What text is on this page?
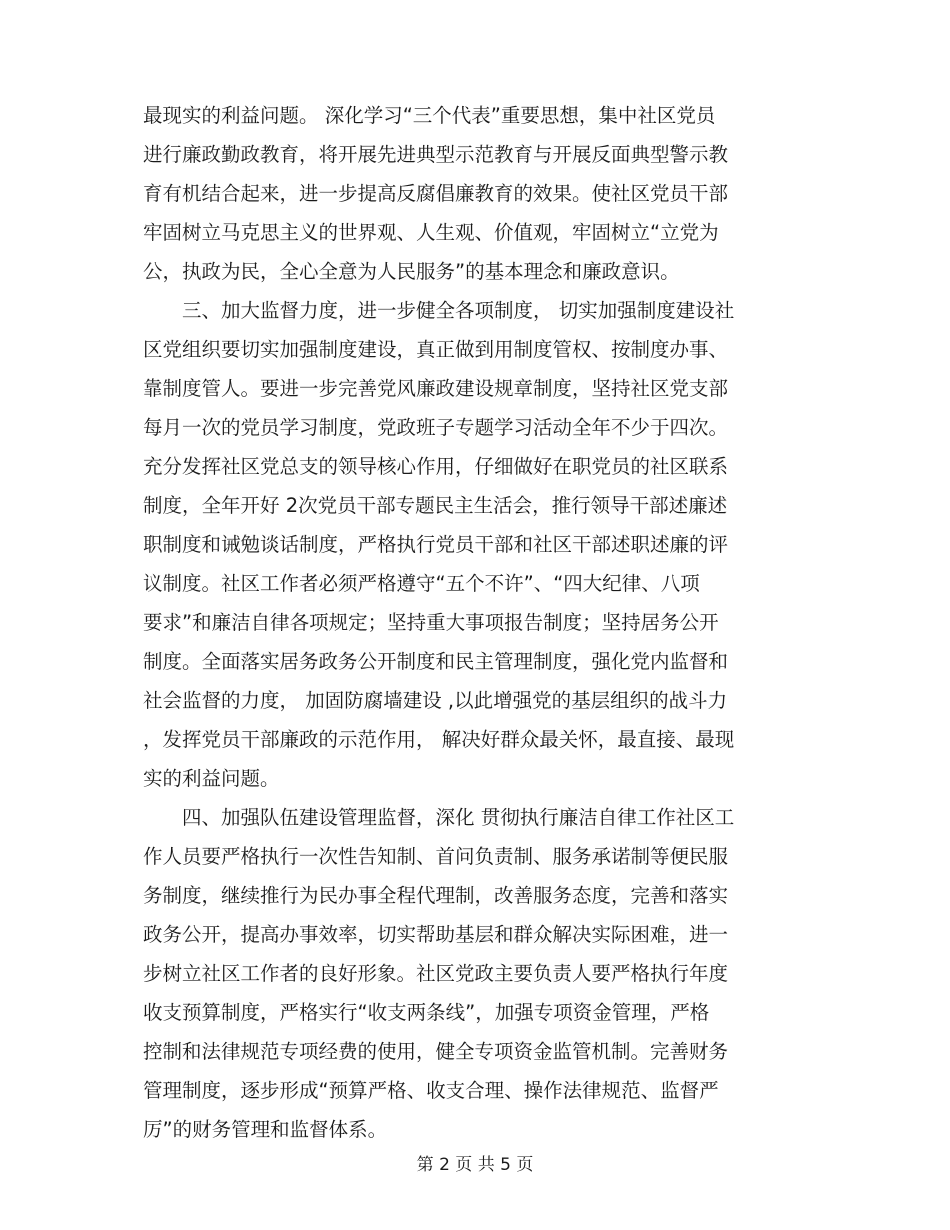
最现实的利益问题。 深化学习“三个代表”重要思想，集中社区党员
进行廉政勤政教育，将开展先进典型示范教育与开展反面典型警示教
育有机结合起来，进一步提高反腐倡廉教育的效果。使社区党员干部
牢固树立马克思主义的世界观、人生观、价值观，牢固树立“立党为
公，执政为民，全心全意为人民服务”的基本理念和廉政意识。
　　三、加大监督力度，进一步健全各项制度， 切实加强制度建设社
区党组织要切实加强制度建设，真正做到用制度管权、按制度办事、
靠制度管人。要进一步完善党风廉政建设规章制度，坚持社区党支部
每月一次的党员学习制度，党政班子专题学习活动全年不少于四次。
充分发挥社区党总支的领导核心作用，仔细做好在职党员的社区联系
制度，全年开好 2次党员干部专题民主生活会，推行领导干部述廉述
职制度和诫勉谈话制度，严格执行党员干部和社区干部述职述廉的评
议制度。社区工作者必须严格遵守“五个不许”、“四大纪律、八项
要求”和廉洁自律各项规定；坚持重大事项报告制度；坚持居务公开
制度。全面落实居务政务公开制度和民主管理制度，强化党内监督和
社会监督的力度， 加固防腐墙建设 ,以此增强党的基层组织的战斗力
，发挥党员干部廉政的示范作用， 解决好群众最关怀，最直接、最现
实的利益问题。
　　四、加强队伍建设管理监督，深化 贯彻执行廉洁自律工作社区工
作人员要严格执行一次性告知制、首问负责制、服务承诺制等便民服
务制度，继续推行为民办事全程代理制，改善服务态度，完善和落实
政务公开，提高办事效率，切实帮助基层和群众解决实际困难，进一
步树立社区工作者的良好形象。社区党政主要负责人要严格执行年度
收支预算制度，严格实行“收支两条线”，加强专项资金管理，严格
控制和法律规范专项经费的使用，健全专项资金监管机制。完善财务
管理制度，逐步形成“预算严格、收支合理、操作法律规范、监督严
厉”的财务管理和监督体系。
第 2 页 共 5 页
